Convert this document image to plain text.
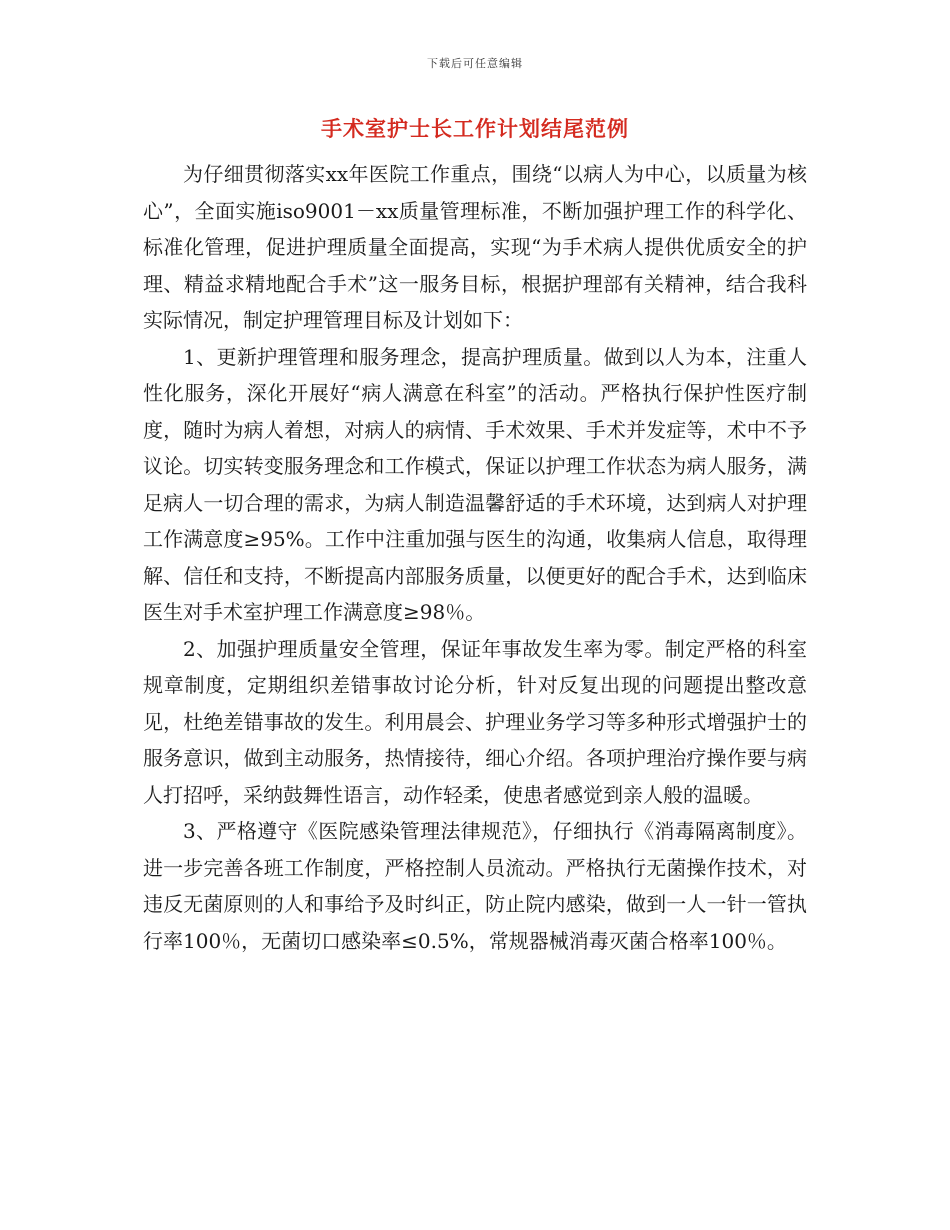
下载后可任意编辑
手术室护士长工作计划结尾范例

为仔细贯彻落实xx年医院工作重点，围绕“以病人为中心，以质量为核心”，全面实施iso9001－xx质量管理标准，不断加强护理工作的科学化、标准化管理，促进护理质量全面提高，实现“为手术病人提供优质安全的护理、精益求精地配合手术”这一服务目标，根据护理部有关精神，结合我科实际情况，制定护理管理目标及计划如下：

1、更新护理管理和服务理念，提高护理质量。做到以人为本，注重人性化服务，深化开展好“病人满意在科室”的活动。严格执行保护性医疗制度，随时为病人着想，对病人的病情、手术效果、手术并发症等，术中不予议论。切实转变服务理念和工作模式，保证以护理工作状态为病人服务，满足病人一切合理的需求，为病人制造温馨舒适的手术环境，达到病人对护理工作满意度≥95%。工作中注重加强与医生的沟通，收集病人信息，取得理解、信任和支持，不断提高内部服务质量，以便更好的配合手术，达到临床医生对手术室护理工作满意度≥98％。

2、加强护理质量安全管理，保证年事故发生率为零。制定严格的科室规章制度，定期组织差错事故讨论分析，针对反复出现的问题提出整改意见，杜绝差错事故的发生。利用晨会、护理业务学习等多种形式增强护士的服务意识，做到主动服务，热情接待，细心介绍。各项护理治疗操作要与病人打招呼，采纳鼓舞性语言，动作轻柔，使患者感觉到亲人般的温暖。

3、严格遵守《医院感染管理法律规范》，仔细执行《消毒隔离制度》。进一步完善各班工作制度，严格控制人员流动。严格执行无菌操作技术，对违反无菌原则的人和事给予及时纠正，防止院内感染，做到一人一针一管执行率100％，无菌切口感染率≤0.5%，常规器械消毒灭菌合格率100％。
